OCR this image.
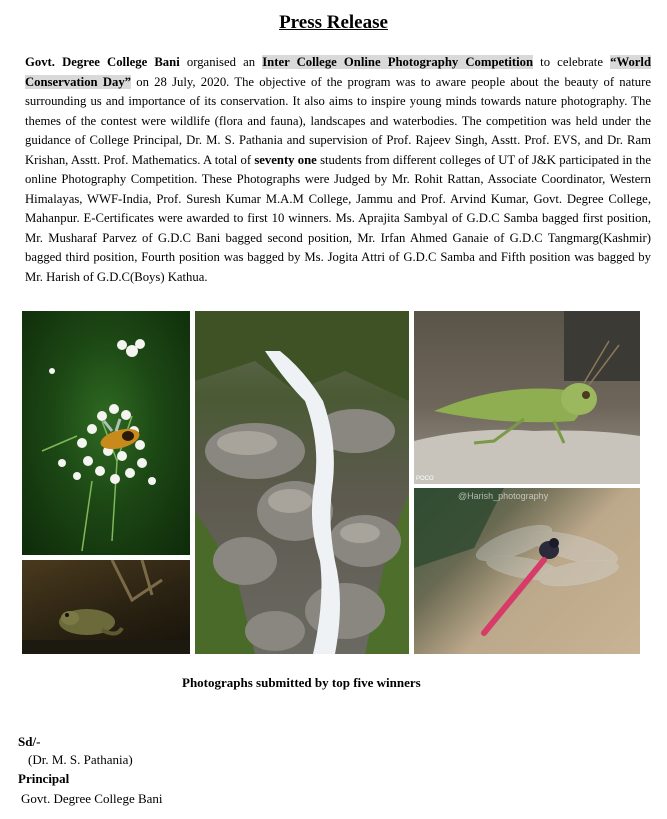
Press Release
Govt. Degree College Bani organised an Inter College Online Photography Competition to celebrate “World Conservation Day” on 28 July, 2020. The objective of the program was to aware people about the beauty of nature surrounding us and importance of its conservation. It also aims to inspire young minds towards nature photography. The themes of the contest were wildlife (flora and fauna), landscapes and waterbodies. The competition was held under the guidance of College Principal, Dr. M. S. Pathania and supervision of Prof. Rajeev Singh, Asstt. Prof. EVS, and Dr. Ram Krishan, Asstt. Prof. Mathematics. A total of seventy one students from different colleges of UT of J&K participated in the online Photography Competition. These Photographs were Judged by Mr. Rohit Rattan, Associate Coordinator, Western Himalayas, WWF-India, Prof. Suresh Kumar M.A.M College, Jammu and Prof. Arvind Kumar, Govt. Degree College, Mahanpur. E-Certificates were awarded to first 10 winners. Ms. Aprajita Sambyal of G.D.C Samba bagged first position, Mr. Musharaf Parvez of G.D.C Bani bagged second position, Mr. Irfan Ahmed Ganaie of G.D.C Tangmarg(Kashmir) bagged third position, Fourth position was bagged by Ms. Jogita Attri of G.D.C Samba and Fifth position was bagged by Mr. Harish of G.D.C(Boys) Kathua.
POCO
@Harish_photography
Photographs submitted by top five winners
Sd/-
(Dr. M. S. Pathania)
Principal
Govt. Degree College Bani
